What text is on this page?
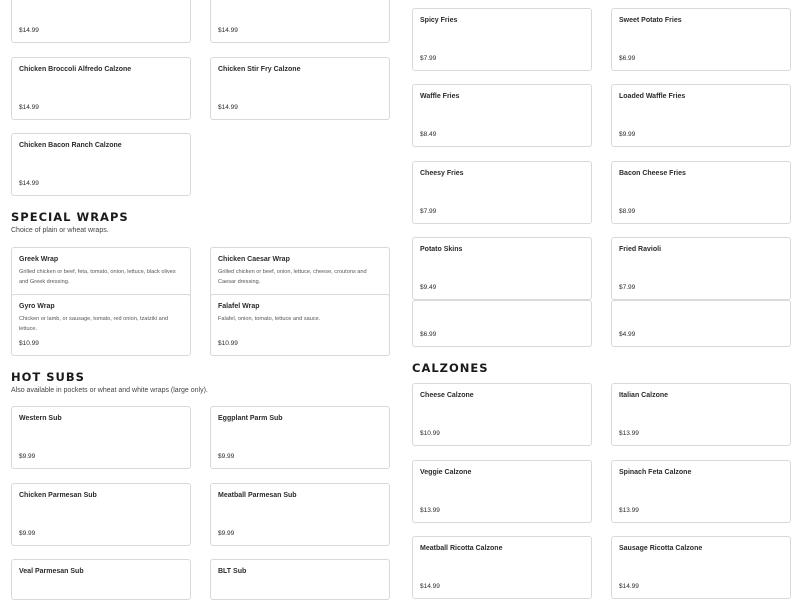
$14.99	$14.99
Chicken Broccoli Alfredo Calzone
$14.99
Chicken Stir Fry Calzone
$14.99
Chicken Bacon Ranch Calzone
$14.99
SPECIAL WRAPS
Choice of plain or wheat wraps.
Greek Wrap
Grilled chicken or beef, feta, tomato, onion, lettuce, black olives and Greek dressing.
Chicken Caesar Wrap
Grilled chicken or beef, onion, lettuce, cheese, croutons and Caesar dressing.
Gyro Wrap
Chicken or lamb, or sausage, tomato, red onion, tzatziki and lettuce.
$10.99
Falafel Wrap
Falafel, onion, tomato, lettuce and sauce.
$10.99
HOT SUBS
Also available in pockets or wheat and white wraps (large only).
Western Sub
$9.99
Eggplant Parm Sub
$9.99
Chicken Parmesan Sub
$9.99
Meatball Parmesan Sub
$9.99
Veal Parmesan Sub	BLT Sub
Spicy Fries
$7.99
Sweet Potato Fries
$6.99
Waffle Fries
$8.49
Loaded Waffle Fries
$9.99
Cheesy Fries
$7.99
Bacon Cheese Fries
$8.99
Potato Skins
$9.49
Fried Ravioli
$7.99
$6.99	$4.99
CALZONES
Cheese Calzone
$10.99
Italian Calzone
$13.99
Veggie Calzone
$13.99
Spinach Feta Calzone
$13.99
Meatball Ricotta Calzone
$14.99
Sausage Ricotta Calzone
$14.99
